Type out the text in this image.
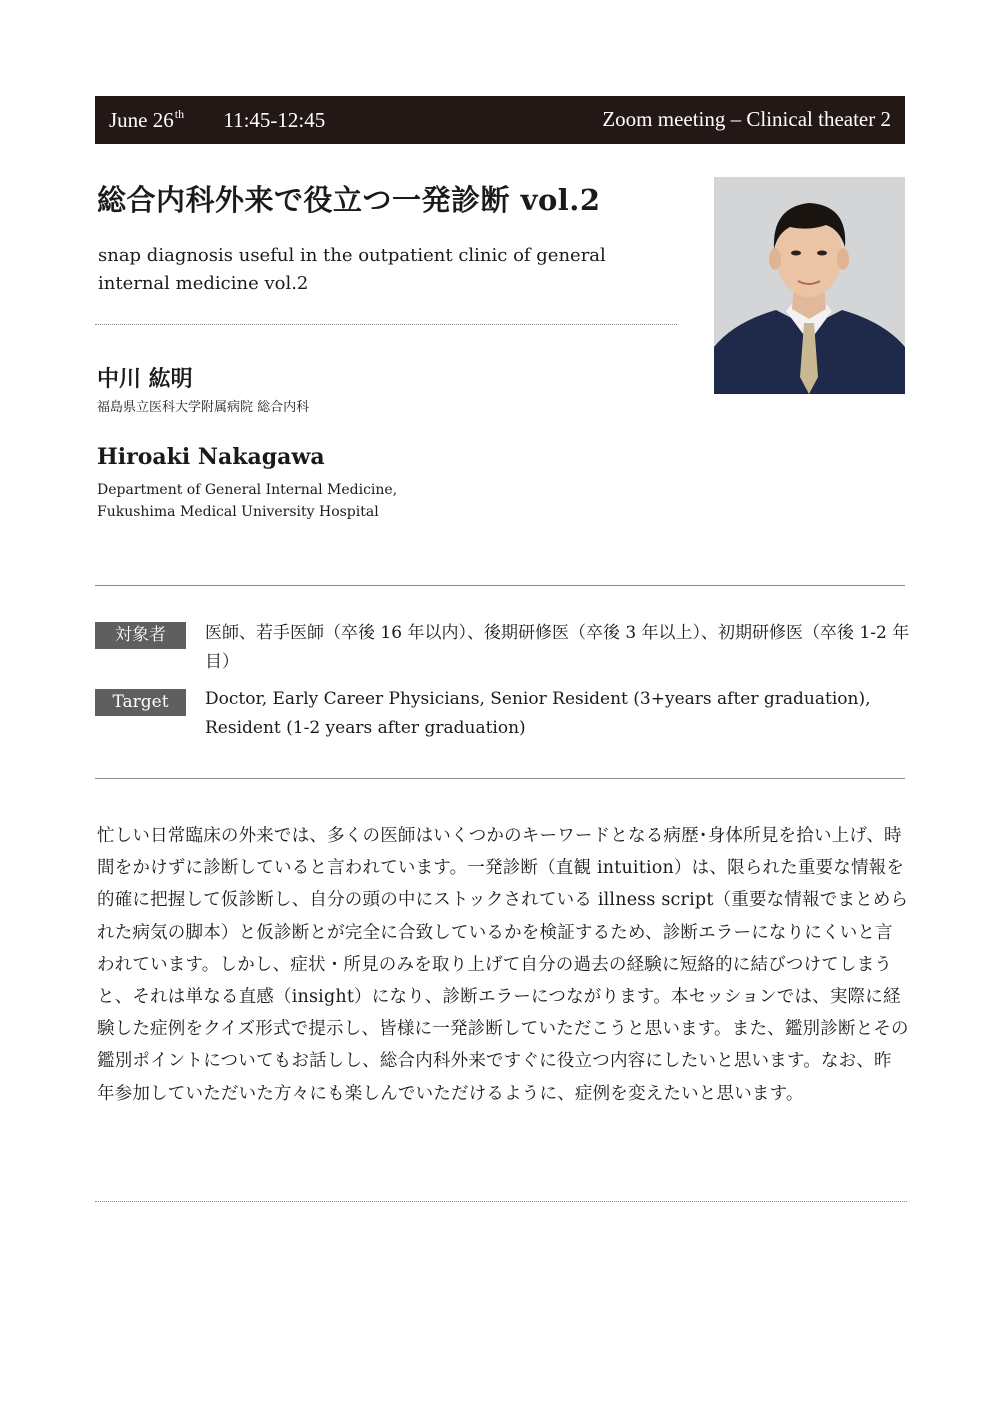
June 26th 11:45-12:45	Zoom meeting – Clinical theater 2
総合内科外来で役立つ一発診断 vol.2
snap diagnosis useful in the outpatient clinic of general internal medicine vol.2
中川 紘明
福島県立医科大学附属病院 総合内科
Hiroaki Nakagawa
Department of General Internal Medicine,
Fukushima Medical University Hospital
対象者	医師、若手医師（卒後 16 年以内）、後期研修医（卒後 3 年以上）、初期研修医（卒後 1-2 年目）
Target	Doctor, Early Career Physicians, Senior Resident (3+years after graduation), Resident (1-2 years after graduation)
忙しい日常臨床の外来では、多くの医師はいくつかのキーワードとなる病歴･身体所見を拾い上げ、時間をかけずに診断していると言われています。一発診断（直観 intuition）は、限られた重要な情報を的確に把握して仮診断し、自分の頭の中にストックされている illness script（重要な情報でまとめられた病気の脚本）と仮診断とが完全に合致しているかを検証するため、診断エラーになりにくいと言われています。しかし、症状・所見のみを取り上げて自分の過去の経験に短絡的に結びつけてしまうと、それは単なる直感（insight）になり、診断エラーにつながります。本セッションでは、実際に経験した症例をクイズ形式で提示し、皆様に一発診断していただこうと思います。また、鑑別診断とその鑑別ポイントについてもお話しし、総合内科外来ですぐに役立つ内容にしたいと思います。なお、昨年参加していただいた方々にも楽しんでいただけるように、症例を変えたいと思います。
